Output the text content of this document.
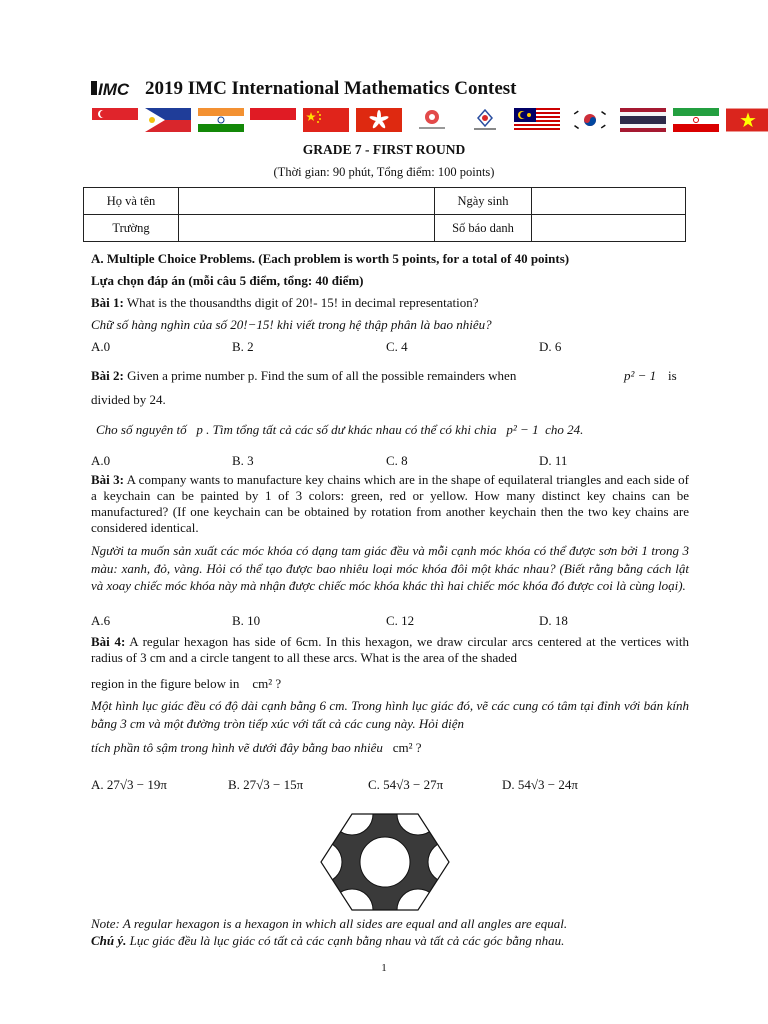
IMC 2019 IMC International Mathematics Contest
GRADE 7 - FIRST ROUND
(Thời gian: 90 phút, Tổng điểm: 100 points)
Họ và tên		Ngày sinh	
Trường		Số báo danh	
A. Multiple Choice Problems. (Each problem is worth 5 points, for a total of 40 points)
Lựa chọn đáp án (mỗi câu 5 điểm, tổng: 40 điểm)
Bài 1: What is the thousandths digit of 20!- 15! in decimal representation?
Chữ số hàng nghìn của số 20!−15! khi viết trong hệ thập phân là bao nhiêu?
A.0	B. 2	C. 4	D. 6
Bài 2: Given a prime number p. Find the sum of all the possible remainders when	p² − 1 is
divided by 24.
Cho số nguyên tố p . Tìm tổng tất cả các số dư khác nhau có thể có khi chia p² − 1 cho 24.
A.0	B. 3	C. 8	D. 11
Bài 3: A company wants to manufacture key chains which are in the shape of equilateral triangles and each side of a keychain can be painted by 1 of 3 colors: green, red or yellow. How many distinct key chains can be manufactured? (If one keychain can be obtained by rotation from another keychain then the two key chains are considered identical.
Người ta muốn sản xuất các móc khóa có dạng tam giác đều và mỗi cạnh móc khóa có thể được sơn bởi 1 trong 3 màu: xanh, đỏ, vàng. Hỏi có thể tạo được bao nhiêu loại móc khóa đôi một khác nhau? (Biết rằng bằng cách lật và xoay chiếc móc khóa này mà nhận được chiếc móc khóa khác thì hai chiếc móc khóa đó được coi là cùng loại).
A.6	B. 10	C. 12	D. 18
Bài 4: A regular hexagon has side of 6cm. In this hexagon, we draw circular arcs centered at the vertices with radius of 3 cm and a circle tangent to all these arcs. What is the area of the shaded
region in the figure below in cm² ?
Một hình lục giác đều có độ dài cạnh bằng 6 cm. Trong hình lục giác đó, vẽ các cung có tâm tại đỉnh với bán kính bằng 3 cm và một đường tròn tiếp xúc với tất cả các cung này. Hỏi diện
tích phần tô sậm trong hình vẽ dưới đây bằng bao nhiêu cm² ?
A. 27√3 − 19π	B. 27√3 − 15π	C. 54√3 − 27π	D. 54√3 − 24π
Note: A regular hexagon is a hexagon in which all sides are equal and all angles are equal.
Chú ý. Lục giác đều là lục giác có tất cả các cạnh bằng nhau và tất cả các góc bằng nhau.
1
